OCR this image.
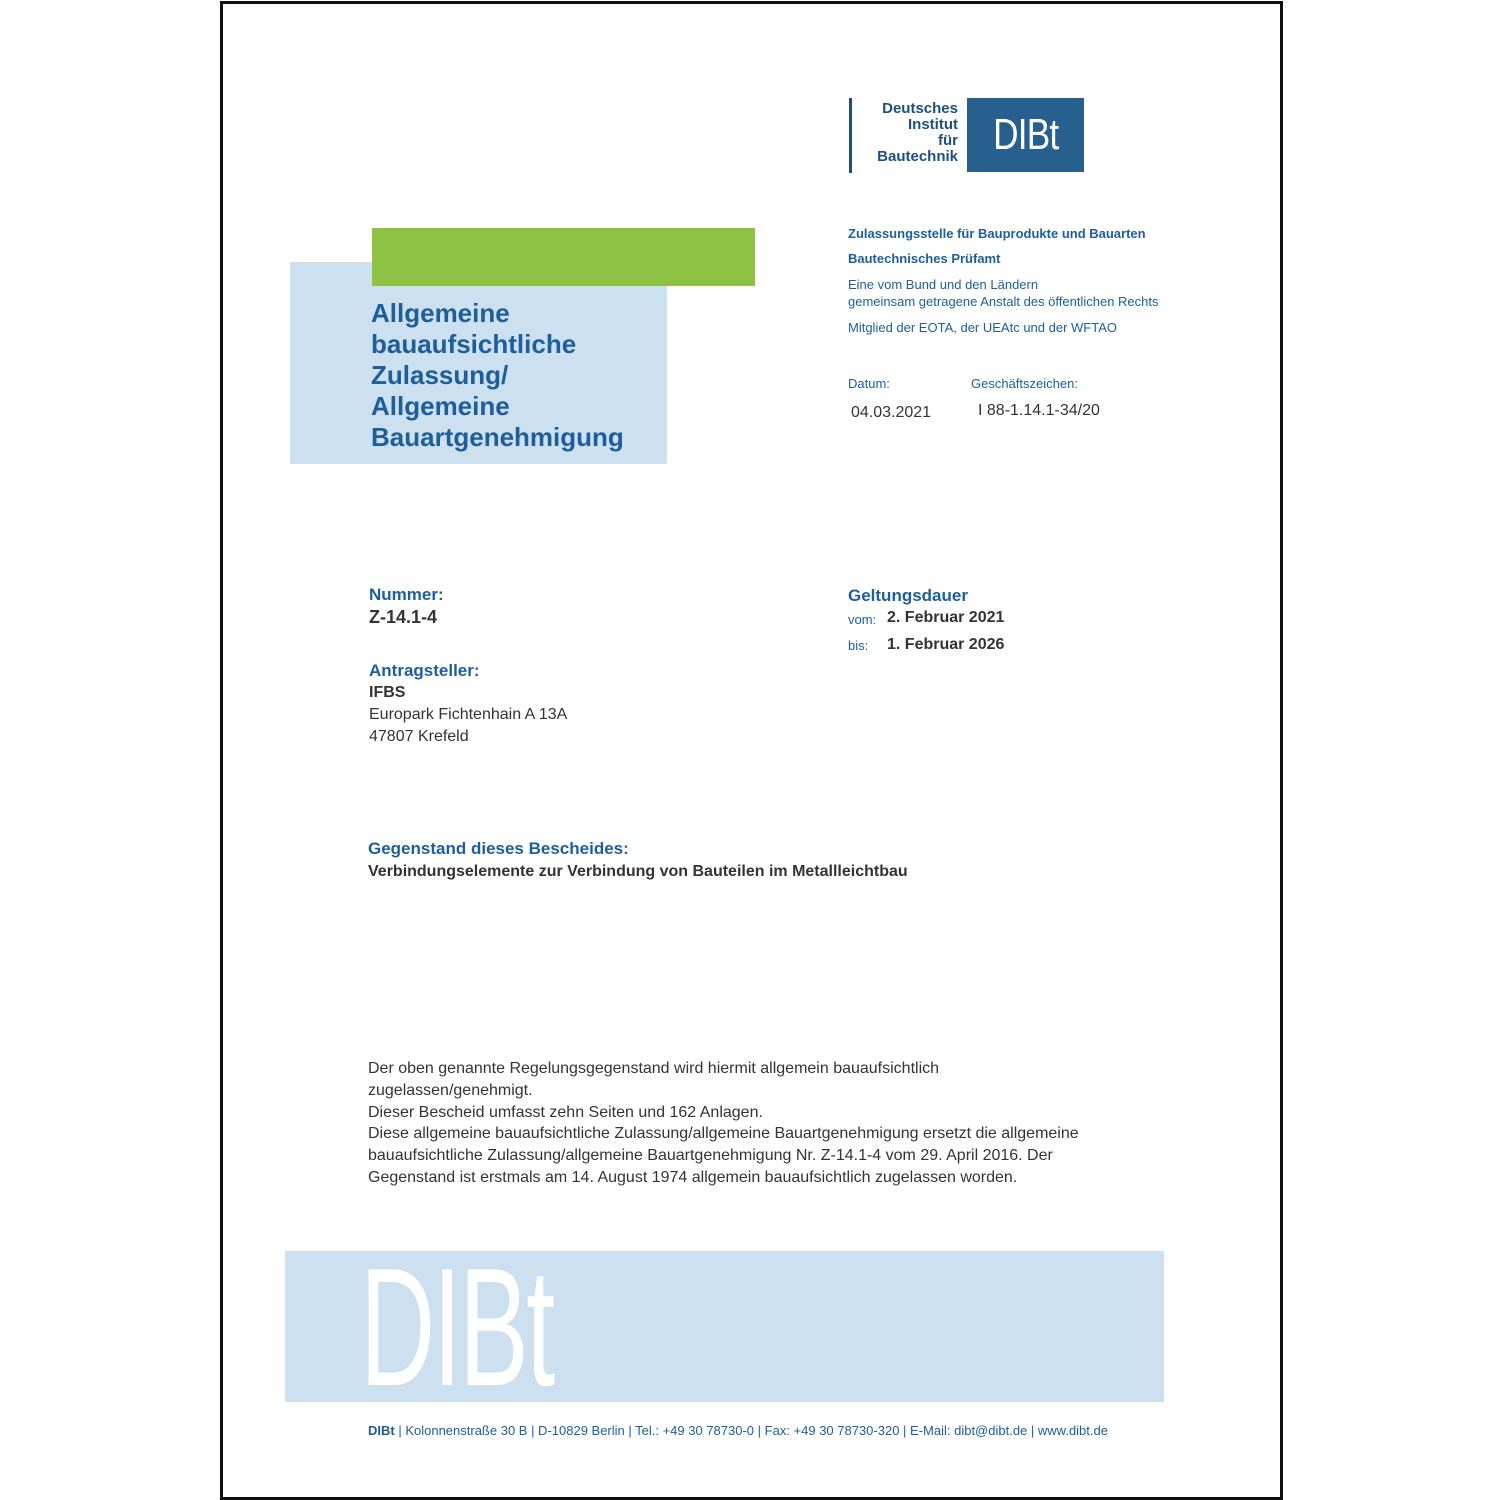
Deutsches
Institut
für
Bautechnik DIBt
Zulassungsstelle für Bauprodukte und Bauarten
Bautechnisches Prüfamt
Eine vom Bund und den Ländern
gemeinsam getragene Anstalt des öffentlichen Rechts
Mitglied der EOTA, der UEAtc und der WFTAO
Allgemeine
bauaufsichtliche
Zulassung/
Allgemeine
Bauartgenehmigung
Datum:
04.03.2021
Geschäftszeichen:
I 88-1.14.1-34/20
Nummer:
Z-14.1-4
Geltungsdauer
vom: 2. Februar 2021
bis: 1. Februar 2026
Antragsteller:
IFBS
Europark Fichtenhain A 13A
47807 Krefeld
Gegenstand dieses Bescheides:
Verbindungselemente zur Verbindung von Bauteilen im Metallleichtbau
Der oben genannte Regelungsgegenstand wird hiermit allgemein bauaufsichtlich
zugelassen/genehmigt.
Dieser Bescheid umfasst zehn Seiten und 162 Anlagen.
Diese allgemeine bauaufsichtliche Zulassung/allgemeine Bauartgenehmigung ersetzt die allgemeine
bauaufsichtliche Zulassung/allgemeine Bauartgenehmigung Nr. Z-14.1-4 vom 29. April 2016. Der
Gegenstand ist erstmals am 14. August 1974 allgemein bauaufsichtlich zugelassen worden.
DIBt
DIBt | Kolonnenstraße 30 B | D-10829 Berlin | Tel.: +49 30 78730-0 | Fax: +49 30 78730-320 | E-Mail: dibt@dibt.de | www.dibt.de
